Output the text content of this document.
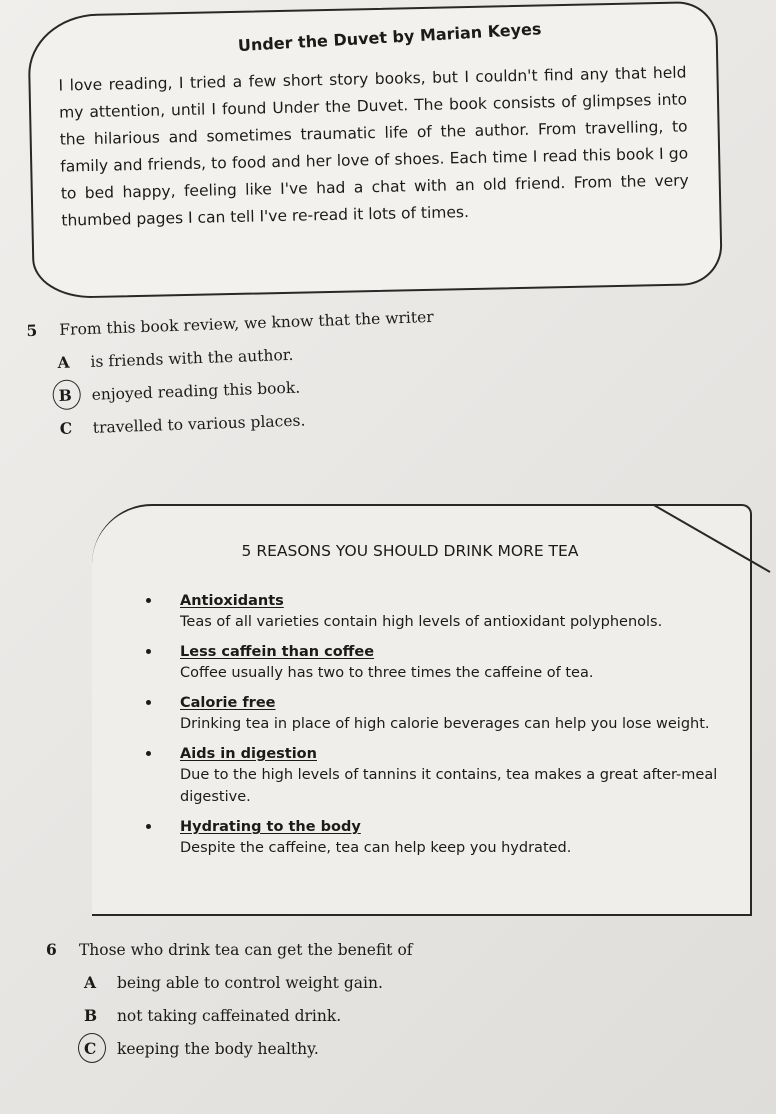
Under the Duvet by Marian Keyes
I love reading, I tried a few short story books, but I couldn't find any that held my attention, until I found Under the Duvet. The book consists of glimpses into the hilarious and sometimes traumatic life of the author. From travelling, to family and friends, to food and her love of shoes. Each time I read this book I go to bed happy, feeling like I've had a chat with an old friend. From the very thumbed pages I can tell I've re-read it lots of times.
5 From this book review, we know that the writer
A is friends with the author.
B enjoyed reading this book.
C travelled to various places.
5 REASONS YOU SHOULD DRINK MORE TEA
Antioxidants
Teas of all varieties contain high levels of antioxidant polyphenols.
Less caffein than coffee
Coffee usually has two to three times the caffeine of tea.
Calorie free
Drinking tea in place of high calorie beverages can help you lose weight.
Aids in digestion
Due to the high levels of tannins it contains, tea makes a great after-meal digestive.
Hydrating to the body
Despite the caffeine, tea can help keep you hydrated.
6 Those who drink tea can get the benefit of
A being able to control weight gain.
B not taking caffeinated drink.
C keeping the body healthy.
